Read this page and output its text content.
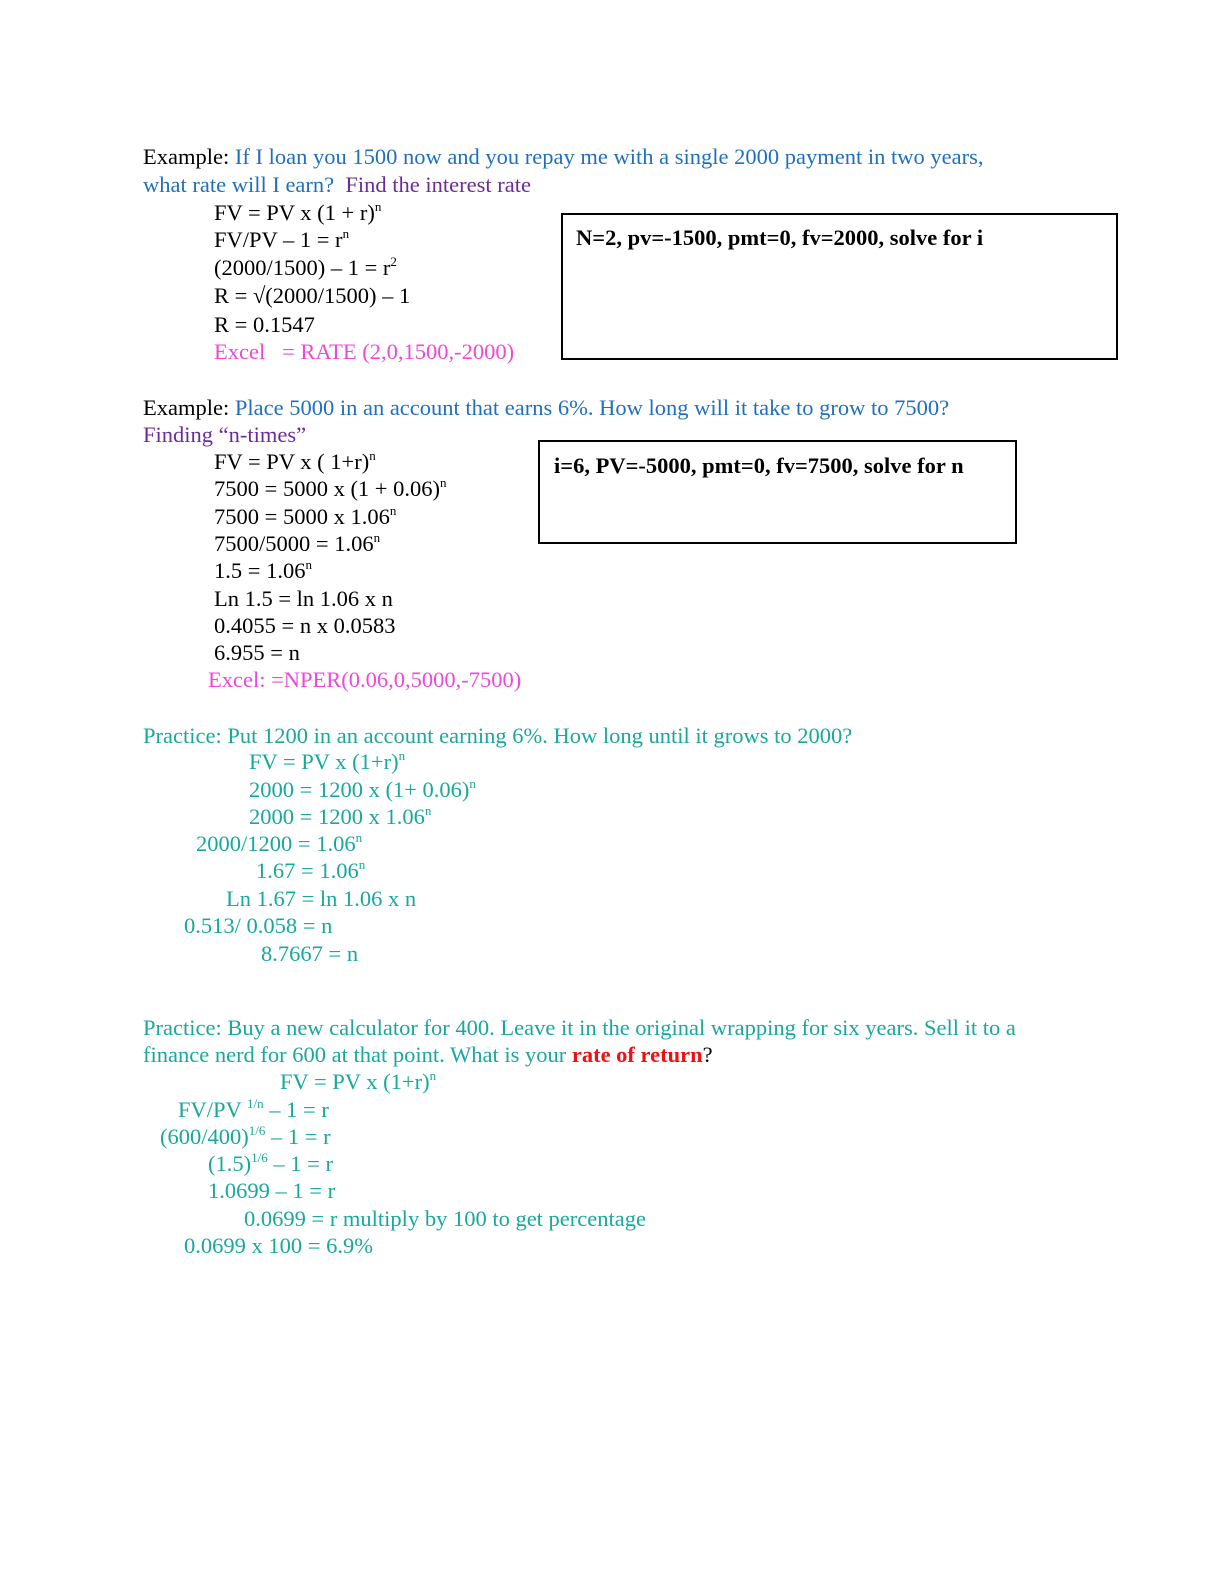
Example: If I loan you 1500 now and you repay me with a single 2000 payment in two years,
what rate will I earn? Find the interest rate
FV = PV x $(1 + r)^n$
$FV/PV - 1 = r^n$
$(2000/1500) - 1 = r^2$
R = √(2000/1500) – 1
R = 0.1547
Excel = RATE (2,0,1500,-2000)
N=2, pv=-1500, pmt=0, fv=2000, solve for i
Example: Place 5000 in an account that earns 6%. How long will it take to grow to 7500?
Finding “n-times”
FV = PV x ( 1+r)$^n$
7500 = 5000 x $(1 + 0.06)^n$
7500 = 5000 x 1.06$^n$
$7500/5000 = 1.06^n$
$1.5 = 1.06^n$
Ln 1.5 = ln 1.06 x n
0.4055 = n x 0.0583
6.955 = n
Excel: =NPER(0.06,0,5000,-7500)
i=6, PV=-5000, pmt=0, fv=7500, solve for n
Practice: Put 1200 in an account earning 6%. How long until it grows to 2000?
FV = PV x $(1+r)^n$
2000 = 1200 x $(1+ 0.06)^n$
2000 = 1200 x 1.06$^n$
$2000/1200 = 1.06^n$
$1.67 = 1.06^n$
Ln 1.67 = ln 1.06 x n
0.513/ 0.058 = n
8.7667 = n
Practice: Buy a new calculator for 400. Leave it in the original wrapping for six years. Sell it to a
finance nerd for 600 at that point. What is your rate of return?
FV = PV x $(1+r)^n$
FV/PV $^{1/n}$ – 1 = r
$(600/400)^{1/6} - 1 = r$
$(1.5)^{1/6} - 1 = r$
1.0699 – 1 = r
0.0699 = r multiply by 100 to get percentage
0.0699 x 100 = 6.9%
